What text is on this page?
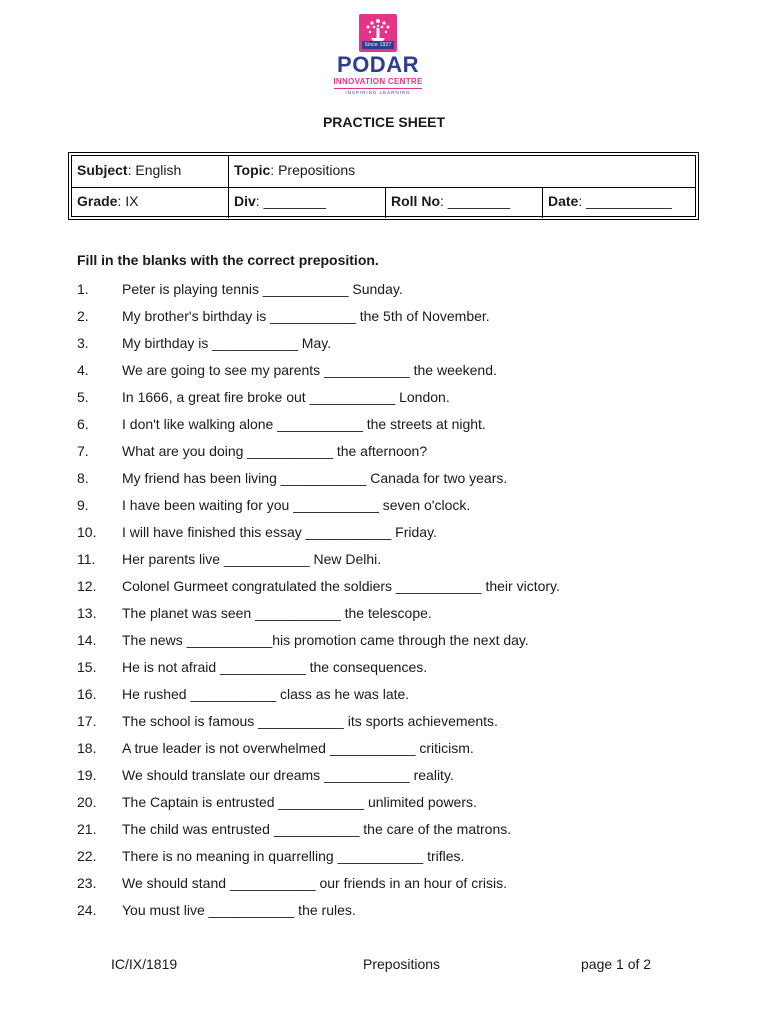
Since 1927
PODAR
INNOVATION CENTRE
INSPIRING LEARNING
PRACTICE SHEET
Subject: English	Topic: Prepositions
Grade: IX	Div: ________	Roll No: ________	Date: ___________
Fill in the blanks with the correct preposition.
1. Peter is playing tennis ___________ Sunday.
2. My brother's birthday is ___________ the 5th of November.
3. My birthday is ___________ May.
4. We are going to see my parents ___________ the weekend.
5. In 1666, a great fire broke out ___________ London.
6. I don't like walking alone ___________ the streets at night.
7. What are you doing ___________ the afternoon?
8. My friend has been living ___________ Canada for two years.
9. I have been waiting for you ___________ seven o'clock.
10. I will have finished this essay ___________ Friday.
11. Her parents live ___________ New Delhi.
12. Colonel Gurmeet congratulated the soldiers ___________ their victory.
13. The planet was seen ___________ the telescope.
14. The news ___________his promotion came through the next day.
15. He is not afraid ___________ the consequences.
16. He rushed ___________ class as he was late.
17. The school is famous ___________ its sports achievements.
18. A true leader is not overwhelmed ___________ criticism.
19. We should translate our dreams ___________ reality.
20. The Captain is entrusted ___________ unlimited powers.
21. The child was entrusted ___________ the care of the matrons.
22. There is no meaning in quarrelling ___________ trifles.
23. We should stand ___________ our friends in an hour of crisis.
24. You must live ___________ the rules.
IC/IX/1819	Prepositions	page 1 of 2
